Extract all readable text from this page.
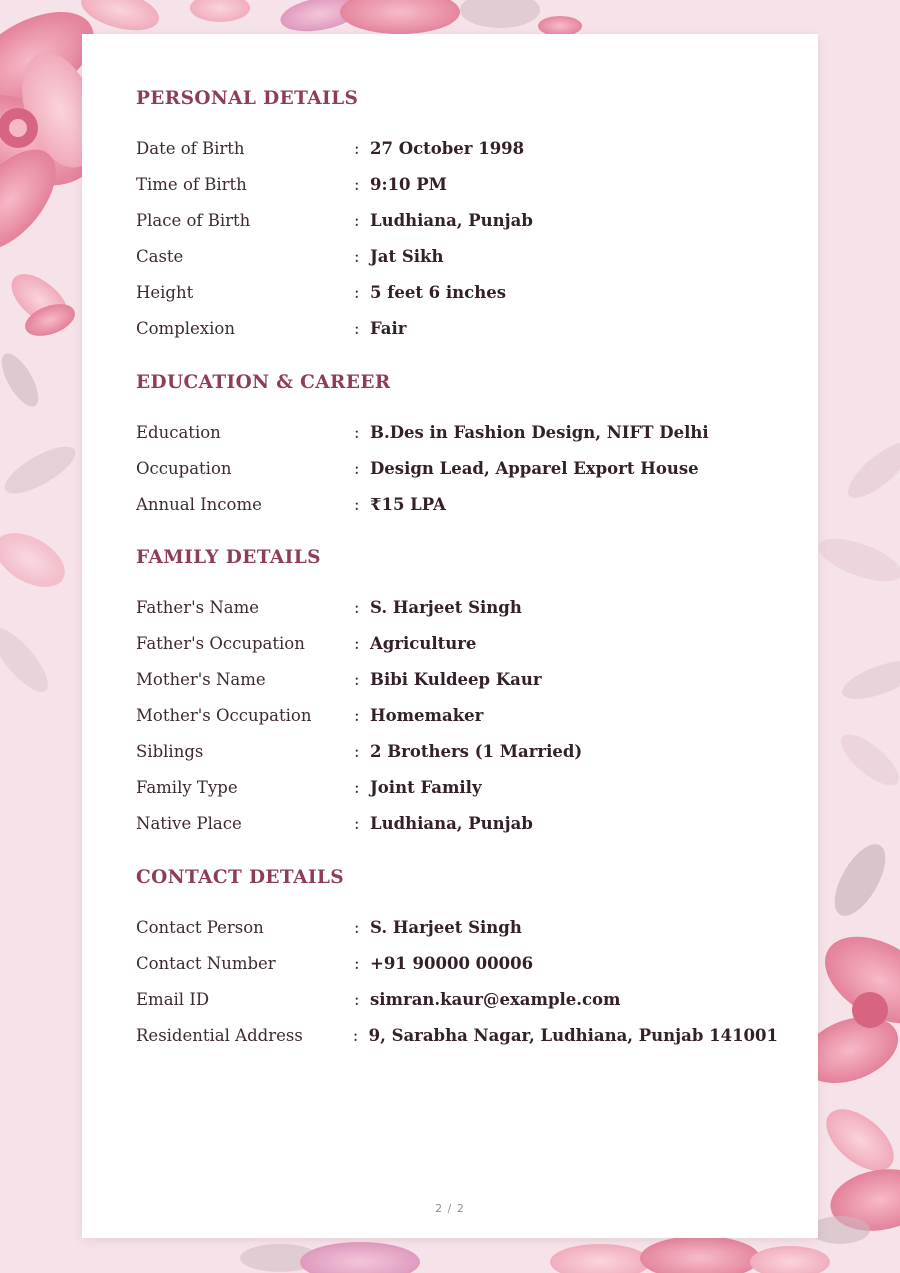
PERSONAL DETAILS
Date of Birth	: 27 October 1998
Time of Birth	: 9:10 PM
Place of Birth	: Ludhiana, Punjab
Caste	: Jat Sikh
Height	: 5 feet 6 inches
Complexion	: Fair
EDUCATION & CAREER
Education	: B.Des in Fashion Design, NIFT Delhi
Occupation	: Design Lead, Apparel Export House
Annual Income	: ₹15 LPA
FAMILY DETAILS
Father's Name	: S. Harjeet Singh
Father's Occupation	: Agriculture
Mother's Name	: Bibi Kuldeep Kaur
Mother's Occupation	: Homemaker
Siblings	: 2 Brothers (1 Married)
Family Type	: Joint Family
Native Place	: Ludhiana, Punjab
CONTACT DETAILS
Contact Person	: S. Harjeet Singh
Contact Number	: +91 90000 00006
Email ID	: simran.kaur@example.com
Residential Address	: 9, Sarabha Nagar, Ludhiana, Punjab 141001
2 / 2
